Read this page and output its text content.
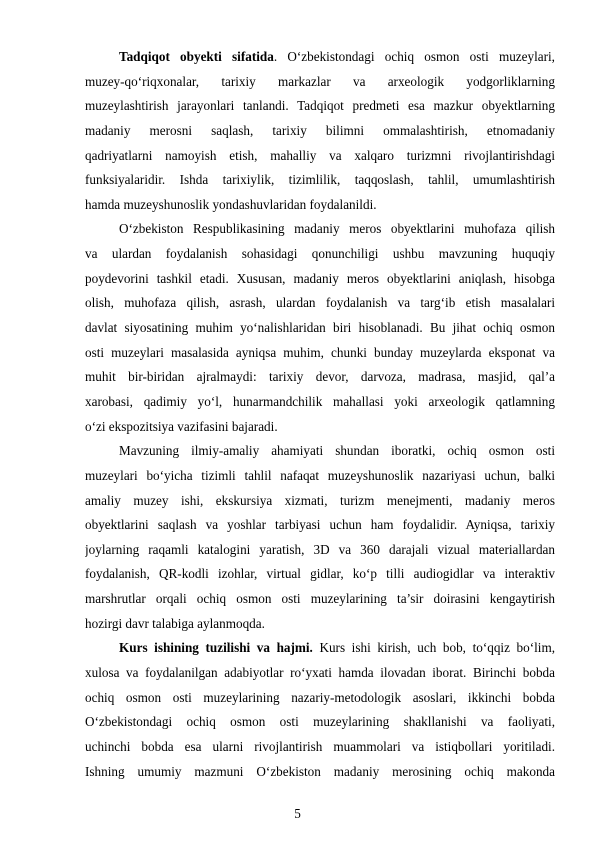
Tadqiqot obyekti sifatida. O‘zbekistondagi ochiq osmon osti muzeylari,
muzey-qo‘riqxonalar, tarixiy markazlar va arxeologik yodgorliklarning
muzeylashtirish jarayonlari tanlandi. Tadqiqot predmeti esa mazkur obyektlarning
madaniy merosni saqlash, tarixiy bilimni ommalashtirish, etnomadaniy
qadriyatlarni namoyish etish, mahalliy va xalqaro turizmni rivojlantirishdagi
funksiyalaridir. Ishda tarixiylik, tizimlilik, taqqoslash, tahlil, umumlashtirish
hamda muzeyshunoslik yondashuvlaridan foydalanildi.
O‘zbekiston Respublikasining madaniy meros obyektlarini muhofaza qilish
va ulardan foydalanish sohasidagi qonunchiligi ushbu mavzuning huquqiy
poydevorini tashkil etadi. Xususan, madaniy meros obyektlarini aniqlash, hisobga
olish, muhofaza qilish, asrash, ulardan foydalanish va targ‘ib etish masalalari
davlat siyosatining muhim yo‘nalishlaridan biri hisoblanadi. Bu jihat ochiq osmon
osti muzeylari masalasida ayniqsa muhim, chunki bunday muzeylarda eksponat va
muhit bir-biridan ajralmaydi: tarixiy devor, darvoza, madrasa, masjid, qal’a
xarobasi, qadimiy yo‘l, hunarmandchilik mahallasi yoki arxeologik qatlamning
o‘zi ekspozitsiya vazifasini bajaradi.
Mavzuning ilmiy-amaliy ahamiyati shundan iboratki, ochiq osmon osti
muzeylari bo‘yicha tizimli tahlil nafaqat muzeyshunoslik nazariyasi uchun, balki
amaliy muzey ishi, ekskursiya xizmati, turizm menejmenti, madaniy meros
obyektlarini saqlash va yoshlar tarbiyasi uchun ham foydalidir. Ayniqsa, tarixiy
joylarning raqamli katalogini yaratish, 3D va 360 darajali vizual materiallardan
foydalanish, QR-kodli izohlar, virtual gidlar, ko‘p tilli audiogidlar va interaktiv
marshrutlar orqali ochiq osmon osti muzeylarining ta’sir doirasini kengaytirish
hozirgi davr talabiga aylanmoqda.
Kurs ishining tuzilishi va hajmi. Kurs ishi kirish, uch bob, to‘qqiz bo‘lim,
xulosa va foydalanilgan adabiyotlar ro‘yxati hamda ilovadan iborat. Birinchi bobda
ochiq osmon osti muzeylarining nazariy-metodologik asoslari, ikkinchi bobda
O‘zbekistondagi ochiq osmon osti muzeylarining shakllanishi va faoliyati,
uchinchi bobda esa ularni rivojlantirish muammolari va istiqbollari yoritiladi.
Ishning umumiy mazmuni O‘zbekiston madaniy merosining ochiq makonda
5
